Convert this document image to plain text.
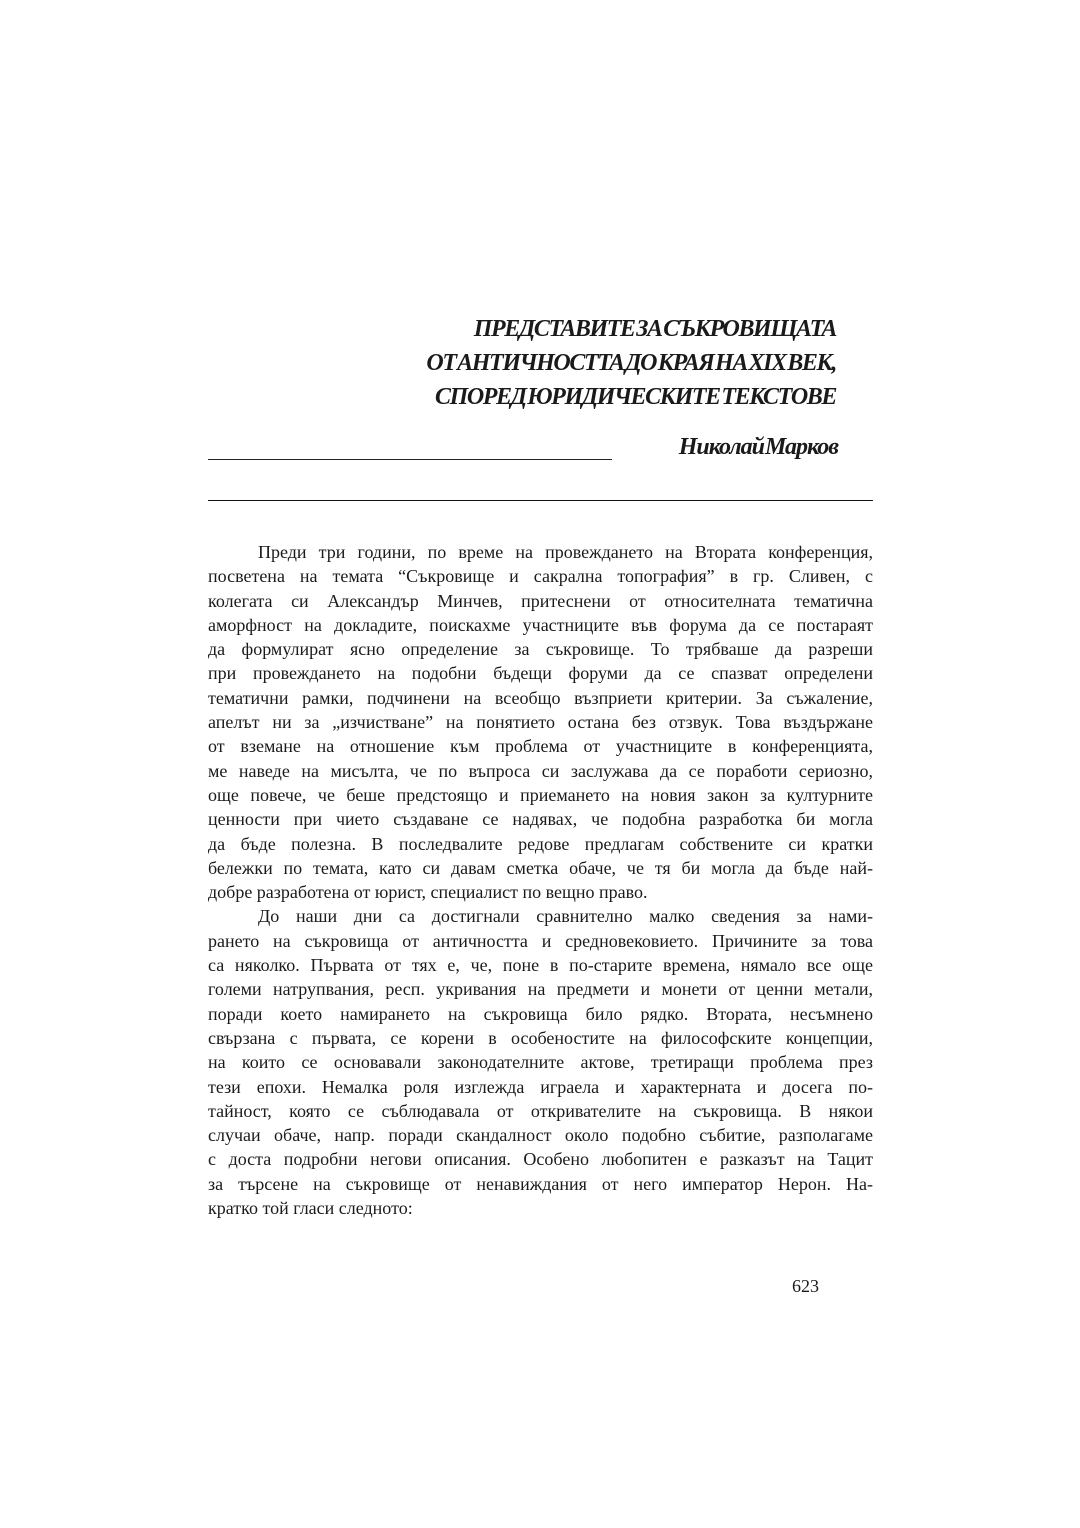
ПРЕДСТАВИТЕ ЗА СЪКРОВИЩАТА
ОТ АНТИЧНОСТТА ДО КРАЯ НА XIX ВЕК,
СПОРЕД ЮРИДИЧЕСКИТЕ ТЕКСТОВЕ
Николай Марков
Преди три години, по време на провеждането на Втората конференция,
посветена на темата “Съкровище и сакрална топография” в гр. Сливен, с
колегата си Александър Минчев, притеснени от относителната тематична
аморфност на докладите, поискахме участниците във форума да се постараят
да формулират ясно определение за съкровище. То трябваше да разреши
при провеждането на подобни бъдещи форуми да се спазват определени
тематични рамки, подчинени на всеобщо възприети критерии. За съжаление,
апелът ни за „изчистване” на понятието остана без отзвук. Това въздържане
от вземане на отношение към проблема от участниците в конференцията,
ме наведе на мисълта, че по въпроса си заслужава да се поработи сериозно,
още повече, че беше предстоящо и приемането на новия закон за културните
ценности при чието създаване се надявах, че подобна разработка би могла
да бъде полезна. В последвалите редове предлагам собствените си кратки
бележки по темата, като си давам сметка обаче, че тя би могла да бъде най-
добре разработена от юрист, специалист по вещно право.
До наши дни са достигнали сравнително малко сведения за нами-
рането на съкровища от античността и средновековието. Причините за това
са няколко. Първата от тях е, че, поне в по-старите времена, нямало все още
големи натрупвания, респ. укривания на предмети и монети от ценни метали,
поради което намирането на съкровища било рядко. Втората, несъмнено
свързана с първата, се корени в особеностите на философските концепции,
на които се основавали законодателните актове, третиращи проблема през
тези епохи. Немалка роля изглежда играела и характерната и досега по-
тайност, която се съблюдавала от откривателите на съкровища. В някои
случаи обаче, напр. поради скандалност около подобно събитие, разполагаме
с доста подробни негови описания. Особено любопитен е разказът на Тацит
за търсене на съкровище от ненавиждания от него император Нерон. На-
кратко той гласи следното:
623
